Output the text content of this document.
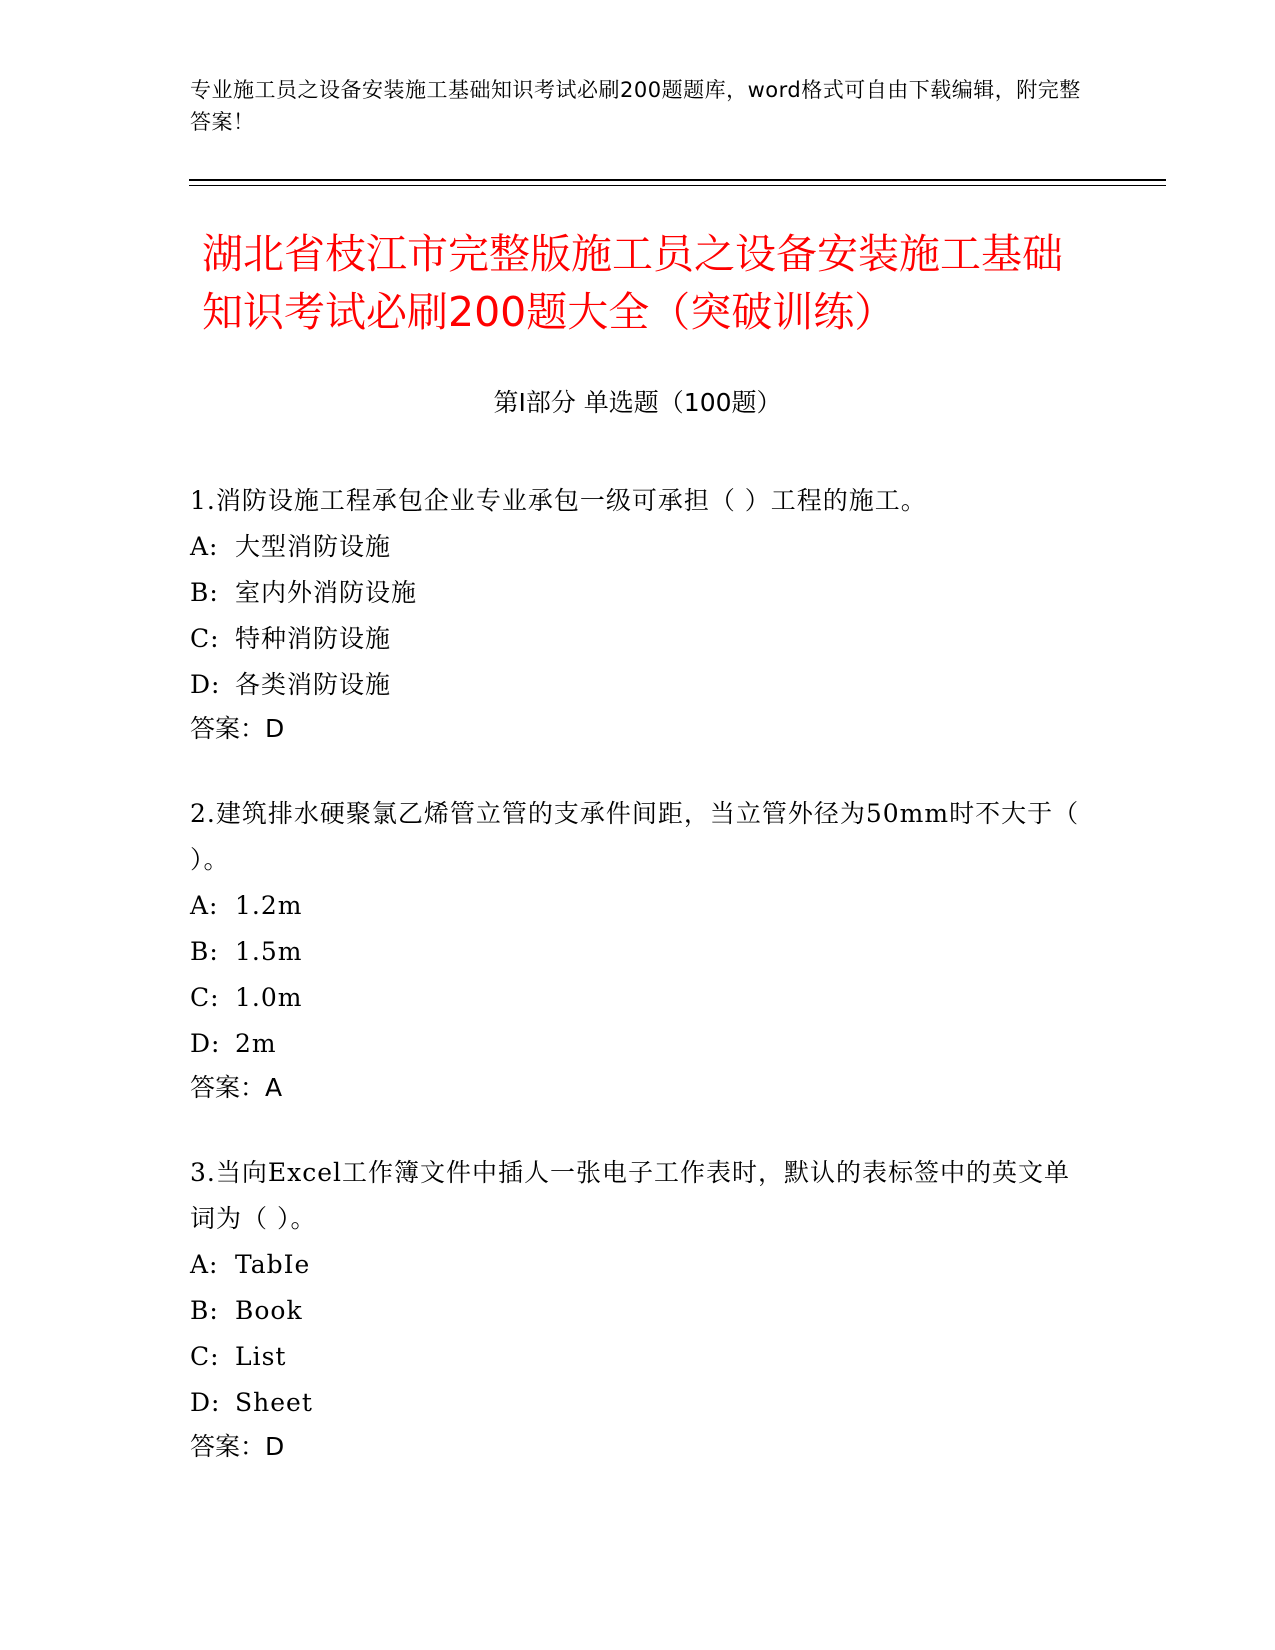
专业施工员之设备安装施工基础知识考试必刷200题题库，word格式可自由下载编辑，附完整答案！
湖北省枝江市完整版施工员之设备安装施工基础知识考试必刷200题大全（突破训练）
第Ⅰ部分 单选题（100题）

1.消防设施工程承包企业专业承包一级可承担（ ）工程的施工。

A: 大型消防设施

B: 室内外消防设施

C: 特种消防设施

D: 各类消防设施

答案：D

2.建筑排水硬聚氯乙烯管立管的支承件间距，当立管外径为50mm时不大于（ ）。

A: 1.2m

B: 1.5m

C: 1.0m

D: 2m

答案：A

3.当向Excel工作簿文件中插人一张电子工作表时，默认的表标签中的英文单词为（ ）。

A: TabIe

B: Book

C: List

D: Sheet

答案：D
